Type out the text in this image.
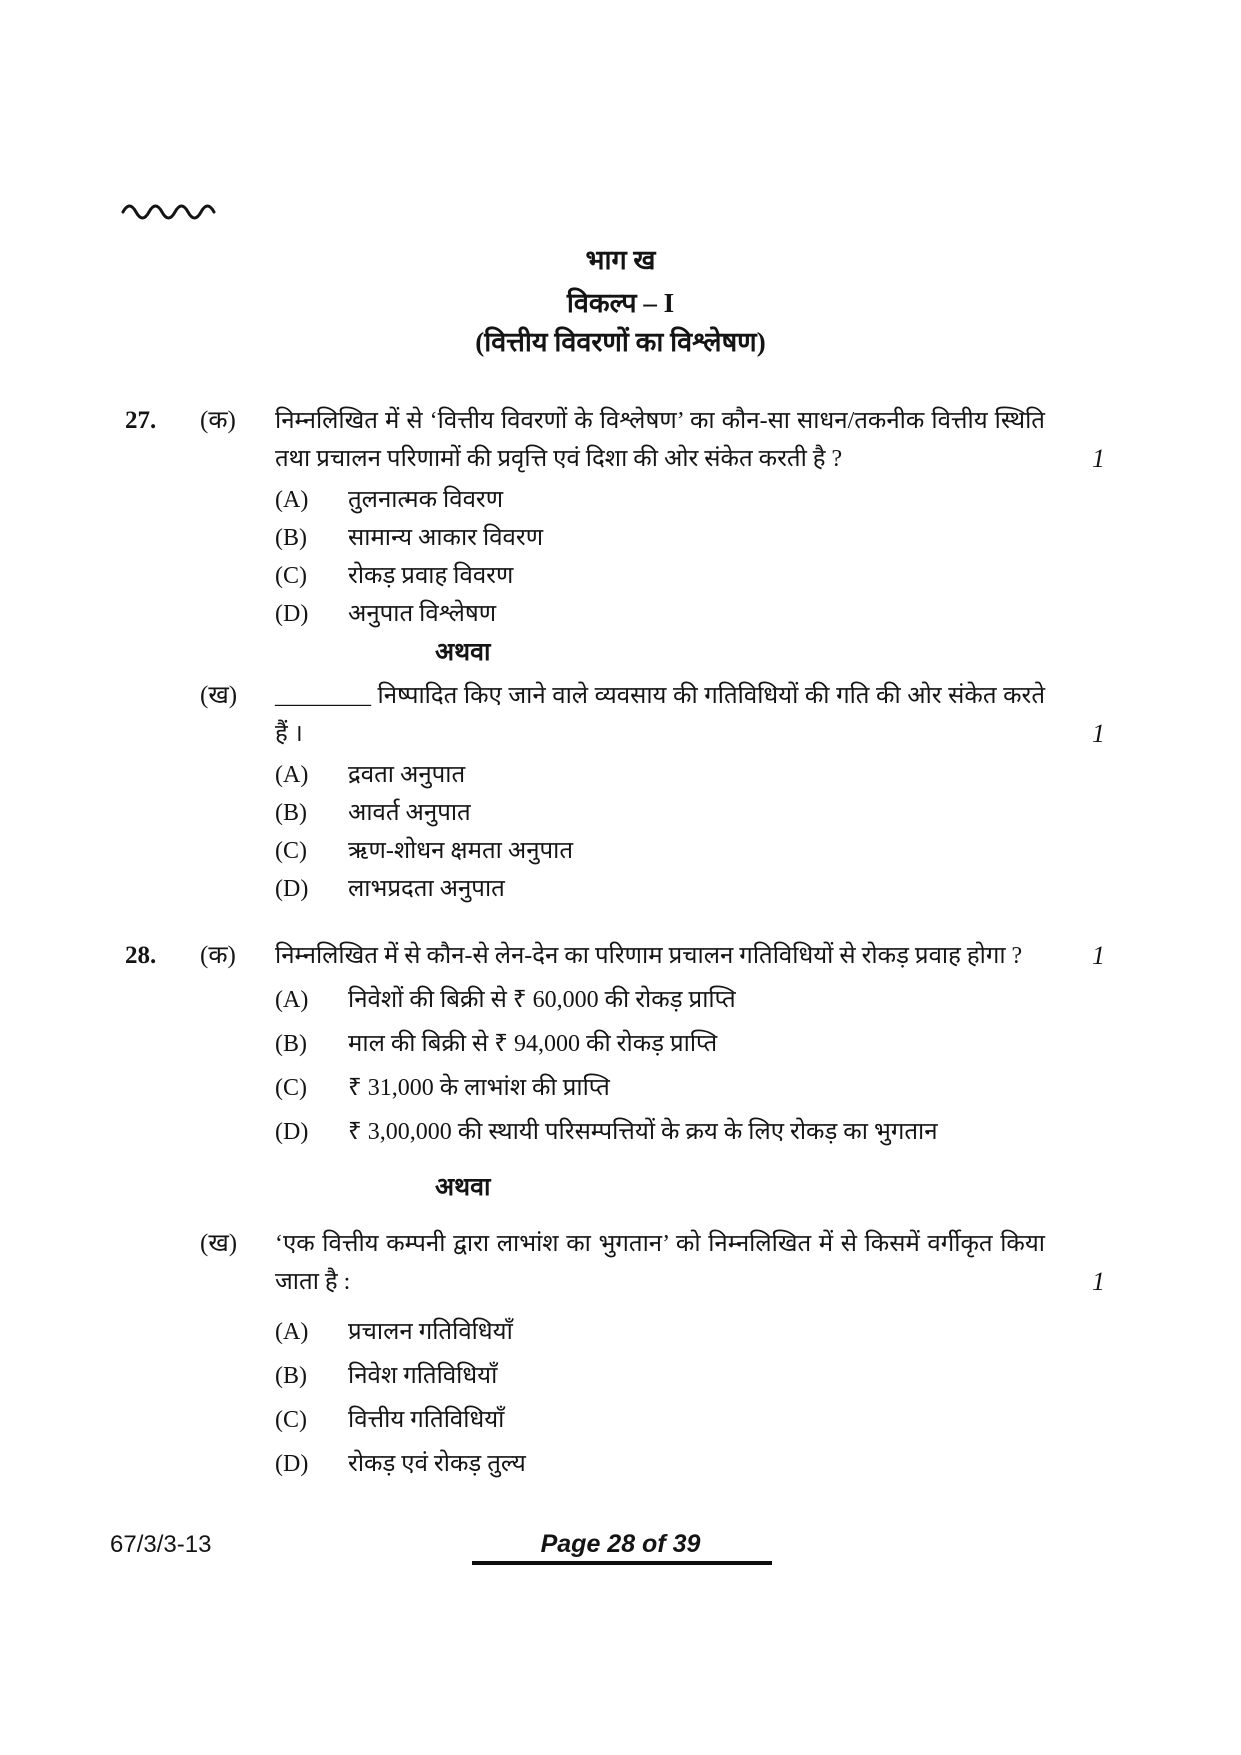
भाग ख
विकल्प – I
(वित्तीय विवरणों का विश्लेषण)
27.	(क)	निम्नलिखित में से ‘वित्तीय विवरणों के विश्लेषण’ का कौन-सा साधन/तकनीक वित्तीय स्थिति तथा प्रचालन परिणामों की प्रवृत्ति एवं दिशा की ओर संकेत करती है ?	1
(A)	तुलनात्मक विवरण
(B)	सामान्य आकार विवरण
(C)	रोकड़ प्रवाह विवरण
(D)	अनुपात विश्लेषण
अथवा
(ख)	________ निष्पादित किए जाने वाले व्यवसाय की गतिविधियों की गति की ओर संकेत करते हैं ।	1
(A)	द्रवता अनुपात
(B)	आवर्त अनुपात
(C)	ऋण-शोधन क्षमता अनुपात
(D)	लाभप्रदता अनुपात
28.	(क)	निम्नलिखित में से कौन-से लेन-देन का परिणाम प्रचालन गतिविधियों से रोकड़ प्रवाह होगा ?	1
(A)	निवेशों की बिक्री से ₹ 60,000 की रोकड़ प्राप्ति
(B)	माल की बिक्री से ₹ 94,000 की रोकड़ प्राप्ति
(C)	₹ 31,000 के लाभांश की प्राप्ति
(D)	₹ 3,00,000 की स्थायी परिसम्पत्तियों के क्रय के लिए रोकड़ का भुगतान
अथवा
(ख)	‘एक वित्तीय कम्पनी द्वारा लाभांश का भुगतान’ को निम्नलिखित में से किसमें वर्गीकृत किया जाता है :	1
(A)	प्रचालन गतिविधियाँ
(B)	निवेश गतिविधियाँ
(C)	वित्तीय गतिविधियाँ
(D)	रोकड़ एवं रोकड़ तुल्य
67/3/3-13	Page 28 of 39
